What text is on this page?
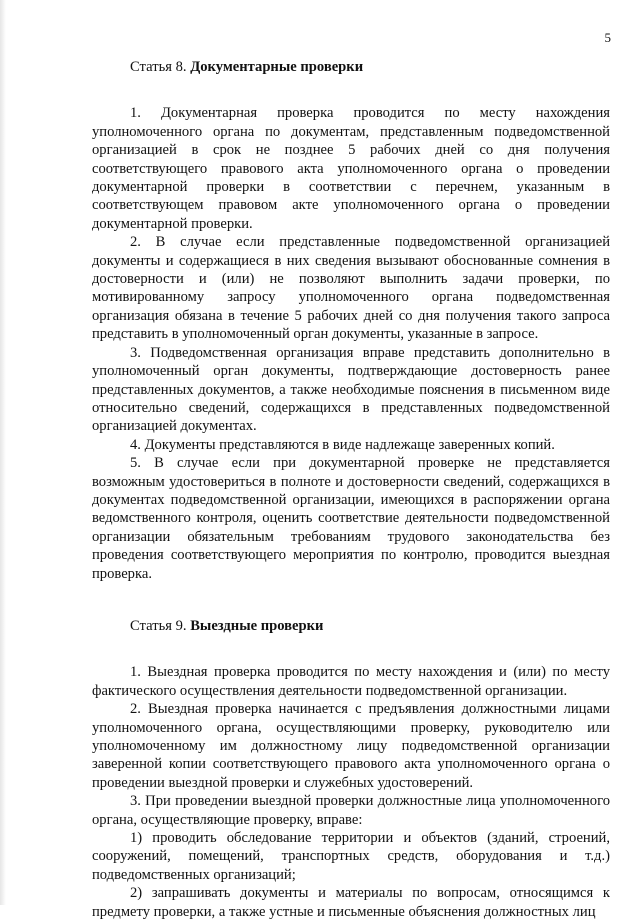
5
Статья 8. Документарные проверки

1. Документарная проверка проводится по месту нахождения уполномоченного органа по документам, представленным подведомственной организацией в срок не позднее 5 рабочих дней со дня получения соответствующего правового акта уполномоченного органа о проведении документарной проверки в соответствии с перечнем, указанным в соответствующем правовом акте уполномоченного органа о проведении документарной проверки.

2. В случае если представленные подведомственной организацией документы и содержащиеся в них сведения вызывают обоснованные сомнения в достоверности и (или) не позволяют выполнить задачи проверки, по мотивированному запросу уполномоченного органа подведомственная организация обязана в течение 5 рабочих дней со дня получения такого запроса представить в уполномоченный орган документы, указанные в запросе.

3. Подведомственная организация вправе представить дополнительно в уполномоченный орган документы, подтверждающие достоверность ранее представленных документов, а также необходимые пояснения в письменном виде относительно сведений, содержащихся в представленных подведомственной организацией документах.

4. Документы представляются в виде надлежаще заверенных копий.

5. В случае если при документарной проверке не представляется возможным удостовериться в полноте и достоверности сведений, содержащихся в документах подведомственной организации, имеющихся в распоряжении органа ведомственного контроля, оценить соответствие деятельности подведомственной организации обязательным требованиям трудового законодательства без проведения соответствующего мероприятия по контролю, проводится выездная проверка.

Статья 9. Выездные проверки

1. Выездная проверка проводится по месту нахождения и (или) по месту фактического осуществления деятельности подведомственной организации.

2. Выездная проверка начинается с предъявления должностными лицами уполномоченного органа, осуществляющими проверку, руководителю или уполномоченному им должностному лицу подведомственной организации заверенной копии соответствующего правового акта уполномоченного органа о проведении выездной проверки и служебных удостоверений.

3. При проведении выездной проверки должностные лица уполномоченного органа, осуществляющие проверку, вправе:

1) проводить обследование территории и объектов (зданий, строений, сооружений, помещений, транспортных средств, оборудования и т.д.) подведомственных организаций;

2) запрашивать документы и материалы по вопросам, относящимся к предмету проверки, а также устные и письменные объяснения должностных лиц
